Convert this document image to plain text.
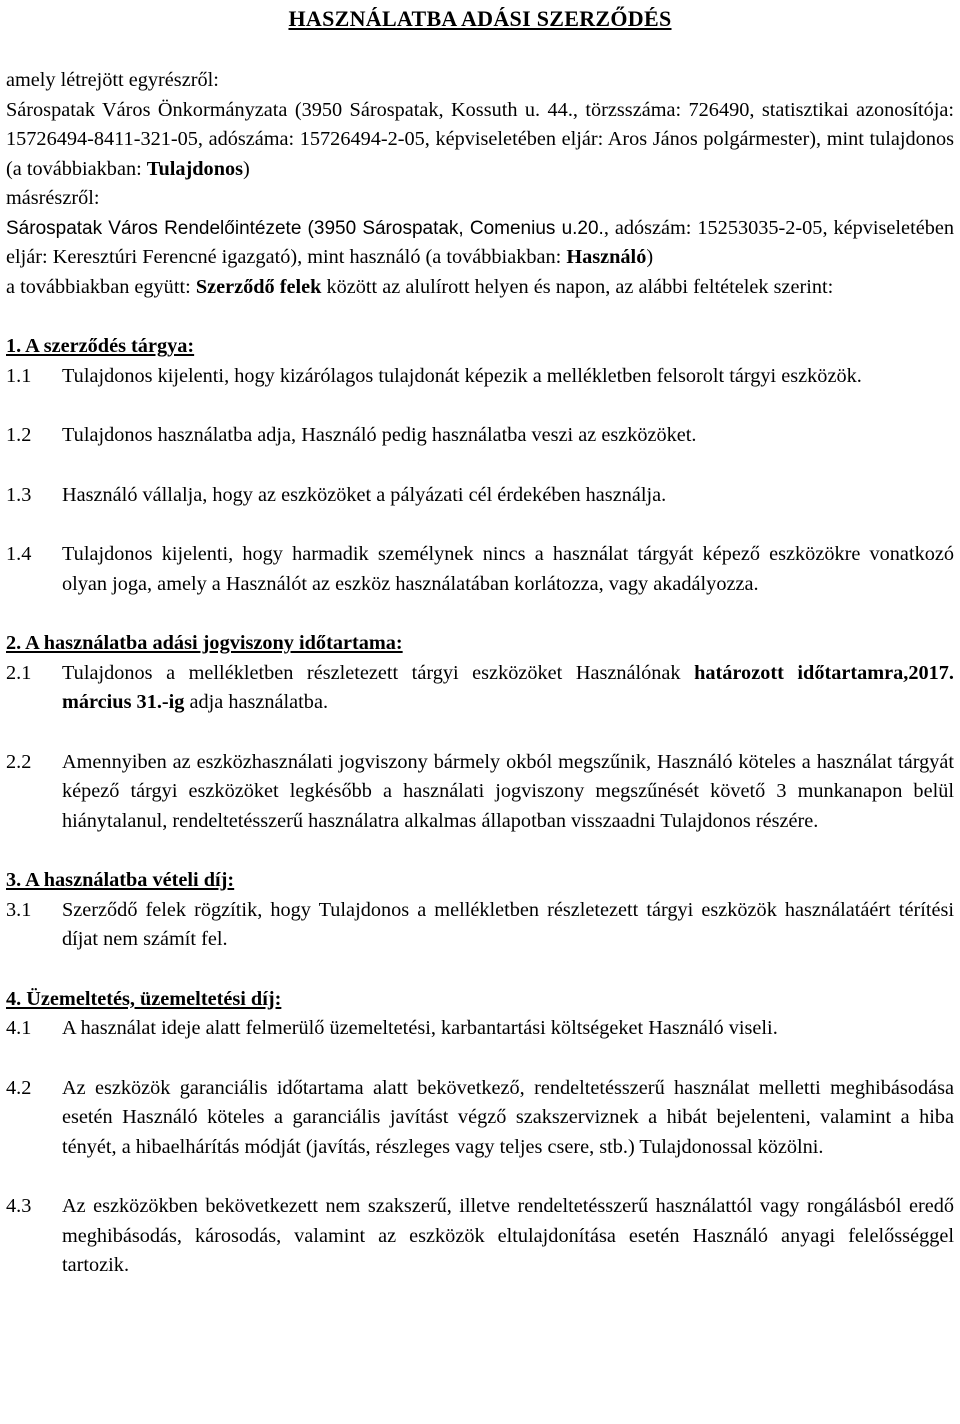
HASZNÁLATBA ADÁSI SZERZŐDÉS

amely létrejött egyrészről:

Sárospatak Város Önkormányzata (3950 Sárospatak, Kossuth u. 44., törzsszáma: 726490, statisztikai azonosítója: 15726494-8411-321-05, adószáma: 15726494-2-05, képviseletében eljár: Aros János polgármester), mint tulajdonos (a továbbiakban: Tulajdonos)

másrészről:

Sárospatak Város Rendelőintézete (3950 Sárospatak, Comenius u.20., adószám: 15253035-2-05, képviseletében eljár: Keresztúri Ferencné igazgató), mint használó (a továbbiakban: Használó)

a továbbiakban együtt: Szerződő felek között az alulírott helyen és napon, az alábbi feltételek szerint:

1. A szerződés tárgya:

1.1 Tulajdonos kijelenti, hogy kizárólagos tulajdonát képezik a mellékletben felsorolt tárgyi eszközök.
1.2 Tulajdonos használatba adja, Használó pedig használatba veszi az eszközöket.
1.3 Használó vállalja, hogy az eszközöket a pályázati cél érdekében használja.
1.4 Tulajdonos kijelenti, hogy harmadik személynek nincs a használat tárgyát képező eszközökre vonatkozó olyan joga, amely a Használót az eszköz használatában korlátozza, vagy akadályozza.

2. A használatba adási jogviszony időtartama:

2.1 Tulajdonos a mellékletben részletezett tárgyi eszközöket Használónak határozott időtartamra,2017. március 31.-ig adja használatba.
2.2 Amennyiben az eszközhasználati jogviszony bármely okból megszűnik, Használó köteles a használat tárgyát képező tárgyi eszközöket legkésőbb a használati jogviszony megszűnését követő 3 munkanapon belül hiánytalanul, rendeltetésszerű használatra alkalmas állapotban visszaadni Tulajdonos részére.

3. A használatba vételi díj:

3.1 Szerződő felek rögzítik, hogy Tulajdonos a mellékletben részletezett tárgyi eszközök használatáért térítési díjat nem számít fel.

4. Üzemeltetés, üzemeltetési díj:

4.1 A használat ideje alatt felmerülő üzemeltetési, karbantartási költségeket Használó viseli.
4.2 Az eszközök garanciális időtartama alatt bekövetkező, rendeltetésszerű használat melletti meghibásodása esetén Használó köteles a garanciális javítást végző szakszerviznek a hibát bejelenteni, valamint a hiba tényét, a hibaelhárítás módját (javítás, részleges vagy teljes csere, stb.) Tulajdonossal közölni.
4.3 Az eszközökben bekövetkezett nem szakszerű, illetve rendeltetésszerű használattól vagy rongálásból eredő meghibásodás, károsodás, valamint az eszközök eltulajdonítása esetén Használó anyagi felelősséggel tartozik.
